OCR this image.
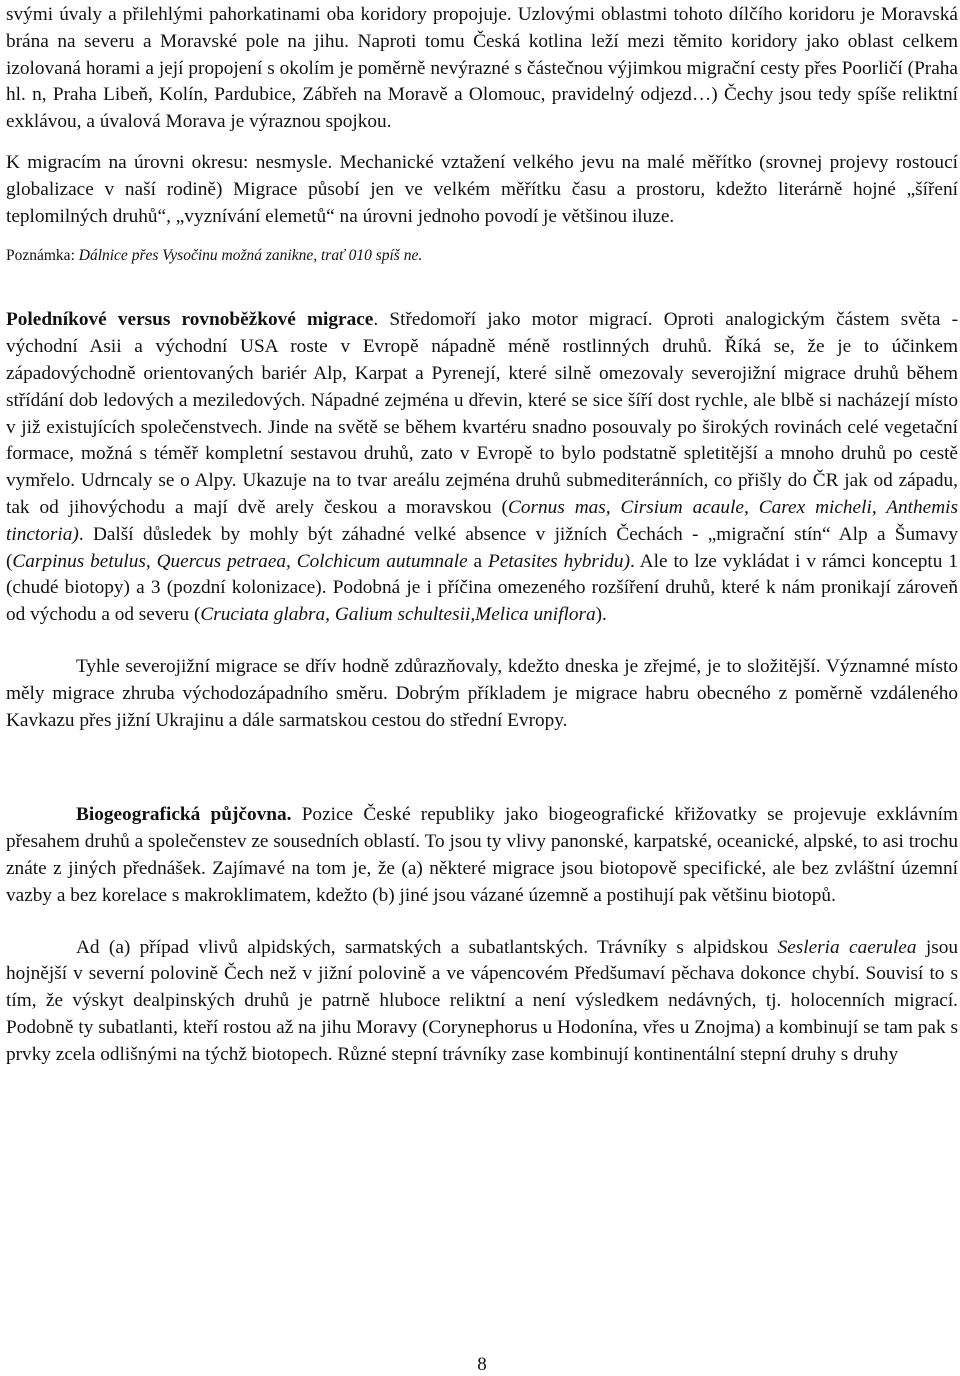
svými úvaly a přilehlými pahorkatinami oba koridory propojuje. Uzlovými oblastmi tohoto dílčího koridoru je Moravská brána na severu a Moravské pole na jihu. Naproti tomu Česká kotlina leží mezi těmito koridory jako oblast celkem izolovaná horami a její propojení s okolím je poměrně nevýrazné s částečnou výjimkou migrační cesty přes Poorličí (Praha hl. n, Praha Libeň, Kolín, Pardubice, Zábřeh na Moravě a Olomouc, pravidelný odjezd…) Čechy jsou tedy spíše reliktní exklávou, a úvalová Morava je výraznou spojkou.

K migracím na úrovni okresu: nesmysle. Mechanické vztažení velkého jevu na malé měřítko (srovnej projevy rostoucí globalizace v naší rodině) Migrace působí jen ve velkém měřítku času a prostoru, kdežto literárně hojné „šíření teplomilných druhů“, „vyznívání elemetů“ na úrovni jednoho povodí je většinou iluze.

Poznámka: Dálnice přes Vysočinu možná zanikne, trať 010 spíš ne.

Poledníkové versus rovnoběžkové migrace. Středomoří jako motor migrací. Oproti analogickým částem světa - východní Asii a východní USA roste v Evropě nápadně méně rostlinných druhů. Říká se, že je to účinkem západovýchodně orientovaných bariér Alp, Karpat a Pyrenejí, které silně omezovaly severojižní migrace druhů během střídání dob ledových a meziledových. Nápadné zejména u dřevin, které se sice šíří dost rychle, ale blbě si nacházejí místo v již existujících společenstvech. Jinde na světě se během kvartéru snadno posouvaly po širokých rovinách celé vegetační formace, možná s téměř kompletní sestavou druhů, zato v Evropě to bylo podstatně spletitější a mnoho druhů po cestě vymřelo. Udrncaly se o Alpy. Ukazuje na to tvar areálu zejména druhů submediteránních, co přišly do ČR jak od západu, tak od jihovýchodu a mají dvě arely českou a moravskou (Cornus mas, Cirsium acaule, Carex micheli, Anthemis tinctoria). Další důsledek by mohly být záhadné velké absence v jižních Čechách - „migrační stín“ Alp a Šumavy (Carpinus betulus, Quercus petraea, Colchicum autumnale a Petasites hybridu). Ale to lze vykládat i v rámci konceptu 1 (chudé biotopy) a 3 (pozdní kolonizace). Podobná je i příčina omezeného rozšíření druhů, které k nám pronikají zároveň od východu a od severu (Cruciata glabra, Galium schultesii,Melica uniflora).

Tyhle severojižní migrace se dřív hodně zdůrazňovaly, kdežto dneska je zřejmé, je to složitější. Významné místo měly migrace zhruba východozápadního směru. Dobrým příkladem je migrace habru obecného z poměrně vzdáleného Kavkazu přes jižní Ukrajinu a dále sarmatskou cestou do střední Evropy.

Biogeografická půjčovna. Pozice České republiky jako biogeografické křižovatky se projevuje exklávním přesahem druhů a společenstev ze sousedních oblastí. To jsou ty vlivy panonské, karpatské, oceanické, alpské, to asi trochu znáte z jiných přednášek. Zajímavé na tom je, že (a) některé migrace jsou biotopově specifické, ale bez zvláštní územní vazby a bez korelace s makroklimatem, kdežto (b) jiné jsou vázané územně a postihují pak většinu biotopů.

Ad (a) případ vlivů alpidských, sarmatských a subatlantských. Trávníky s alpidskou Sesleria caerulea jsou hojnější v severní polovině Čech než v jižní polovině a ve vápencovém Předšumaví pěchava dokonce chybí. Souvisí to s tím, že výskyt dealpinských druhů je patrně hluboce reliktní a není výsledkem nedávných, tj. holocenních migrací. Podobně ty subatlanti, kteří rostou až na jihu Moravy (Corynephorus u Hodonína, vřes u Znojma) a kombinují se tam pak s prvky zcela odlišnými na týchž biotopech. Různé stepní trávníky zase kombinují kontinentální stepní druhy s druhy

8
